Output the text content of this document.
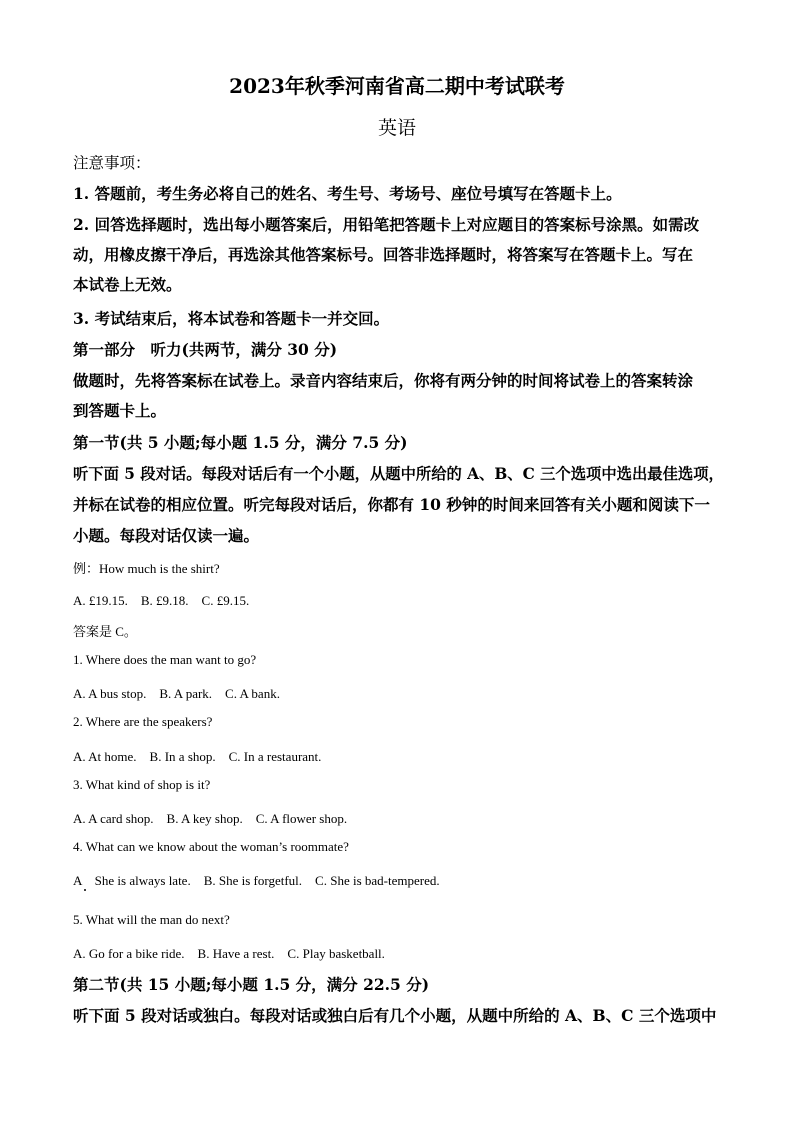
2023年秋季河南省高二期中考试联考
英语
注意事项：
1. 答题前，考生务必将自己的姓名、考生号、考场号、座位号填写在答题卡上。
2. 回答选择题时，选出每小题答案后，用铅笔把答题卡上对应题目的答案标号涂黑。如需改
动，用橡皮擦干净后，再选涂其他答案标号。回答非选择题时，将答案写在答题卡上。写在
本试卷上无效。
3. 考试结束后，将本试卷和答题卡一并交回。
第一部分　听力(共两节，满分 30 分)
做题时，先将答案标在试卷上。录音内容结束后，你将有两分钟的时间将试卷上的答案转涂
到答题卡上。
第一节(共 5 小题;每小题 1.5 分，满分 7.5 分)
听下面 5 段对话。每段对话后有一个小题，从题中所给的 A、B、C 三个选项中选出最佳选项，
并标在试卷的相应位置。听完每段对话后，你都有 10 秒钟的时间来回答有关小题和阅读下一
小题。每段对话仅读一遍。
例：How much is the shirt?
A. £19.15.　B. £9.18.　C. £9.15.
答案是 C。
1. Where does the man want to go?
A. A bus stop.　B. A park.　C. A bank.
2. Where are the speakers?
A. At home.　B. In a shop.　C. In a restaurant.
3. What kind of shop is it?
A. A card shop.　B. A key shop.　C. A flower shop.
4. What can we know about the woman’s roommate?
A　She is always late.　B. She is forgetful.　C. She is bad-tempered.
5. What will the man do next?
A. Go for a bike ride.　B. Have a rest.　C. Play basketball.
第二节(共 15 小题;每小题 1.5 分，满分 22.5 分)
听下面 5 段对话或独白。每段对话或独白后有几个小题，从题中所给的 A、B、C 三个选项中
